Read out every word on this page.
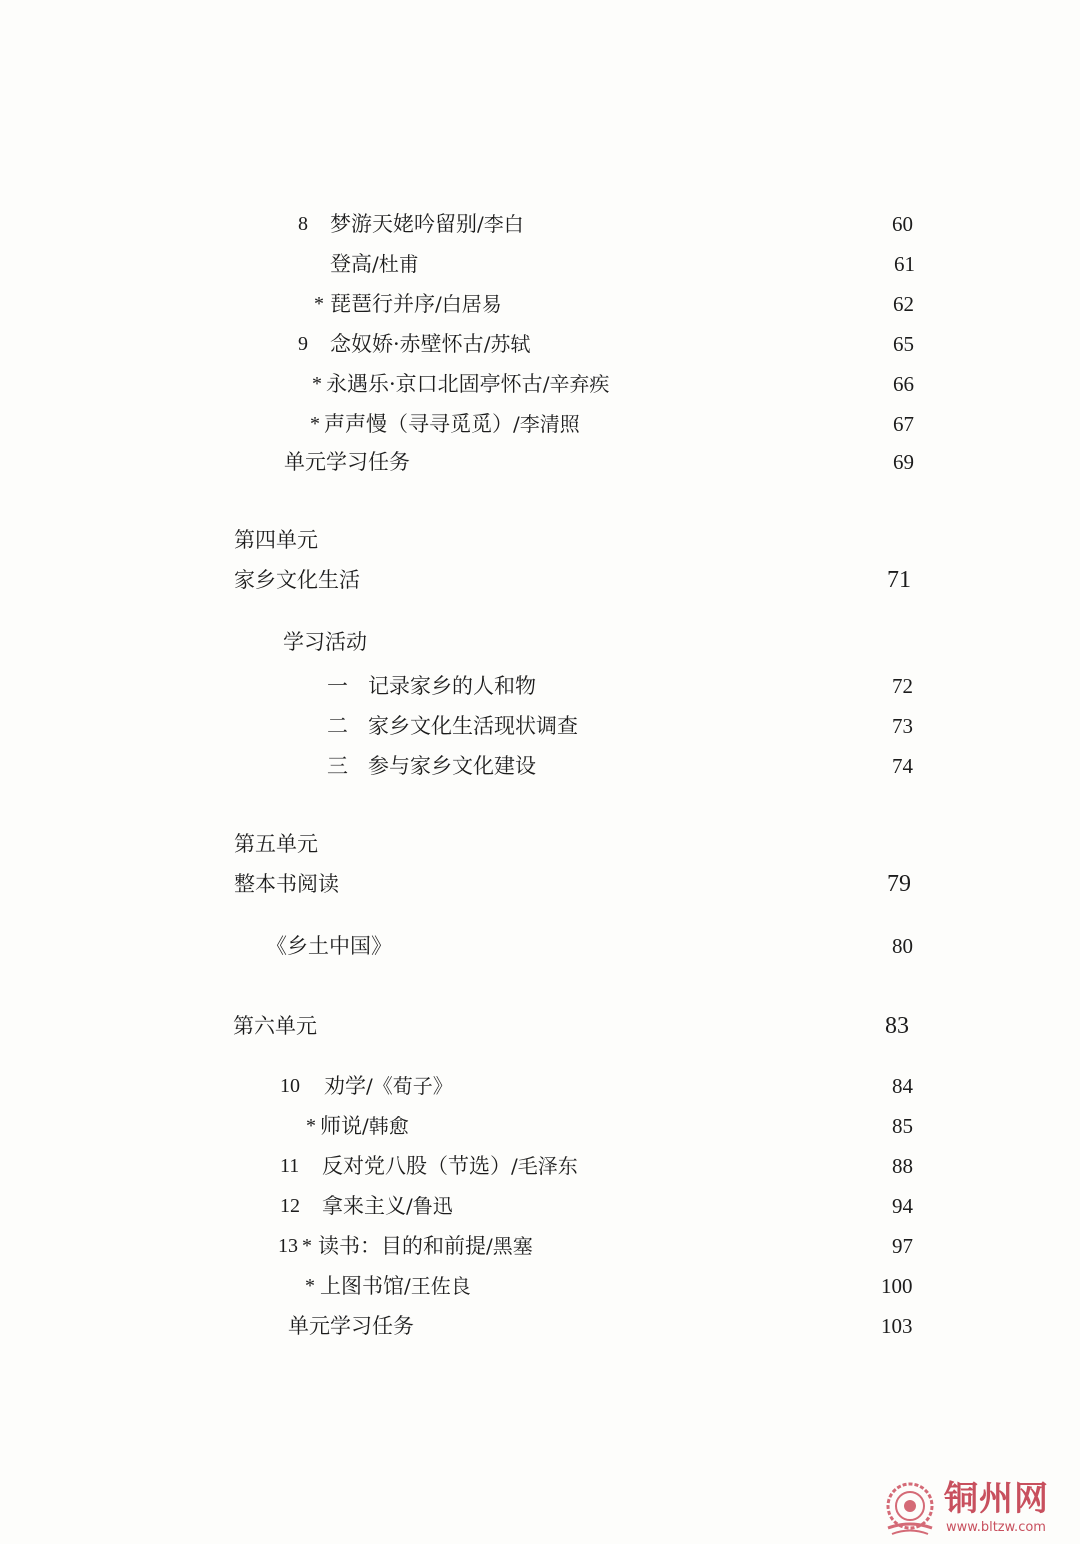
8 梦游天姥吟留别/李白	60
登高/杜甫	61
* 琵琶行并序/白居易	62
9 念奴娇·赤壁怀古/苏轼	65
* 永遇乐·京口北固亭怀古/辛弃疾	66
* 声声慢（寻寻觅觅）/李清照	67
单元学习任务	69
第四单元
家乡文化生活	71
学习活动
一 记录家乡的人和物	72
二 家乡文化生活现状调查	73
三 参与家乡文化建设	74
第五单元
整本书阅读	79
《乡土中国》	80
第六单元	83
10 劝学/《荀子》	84
* 师说/韩愈	85
11 反对党八股（节选）/毛泽东	88
12 拿来主义/鲁迅	94
13 * 读书：目的和前提/黑塞	97
* 上图书馆/王佐良	100
单元学习任务	103
铜州网
www.bltzw.com
